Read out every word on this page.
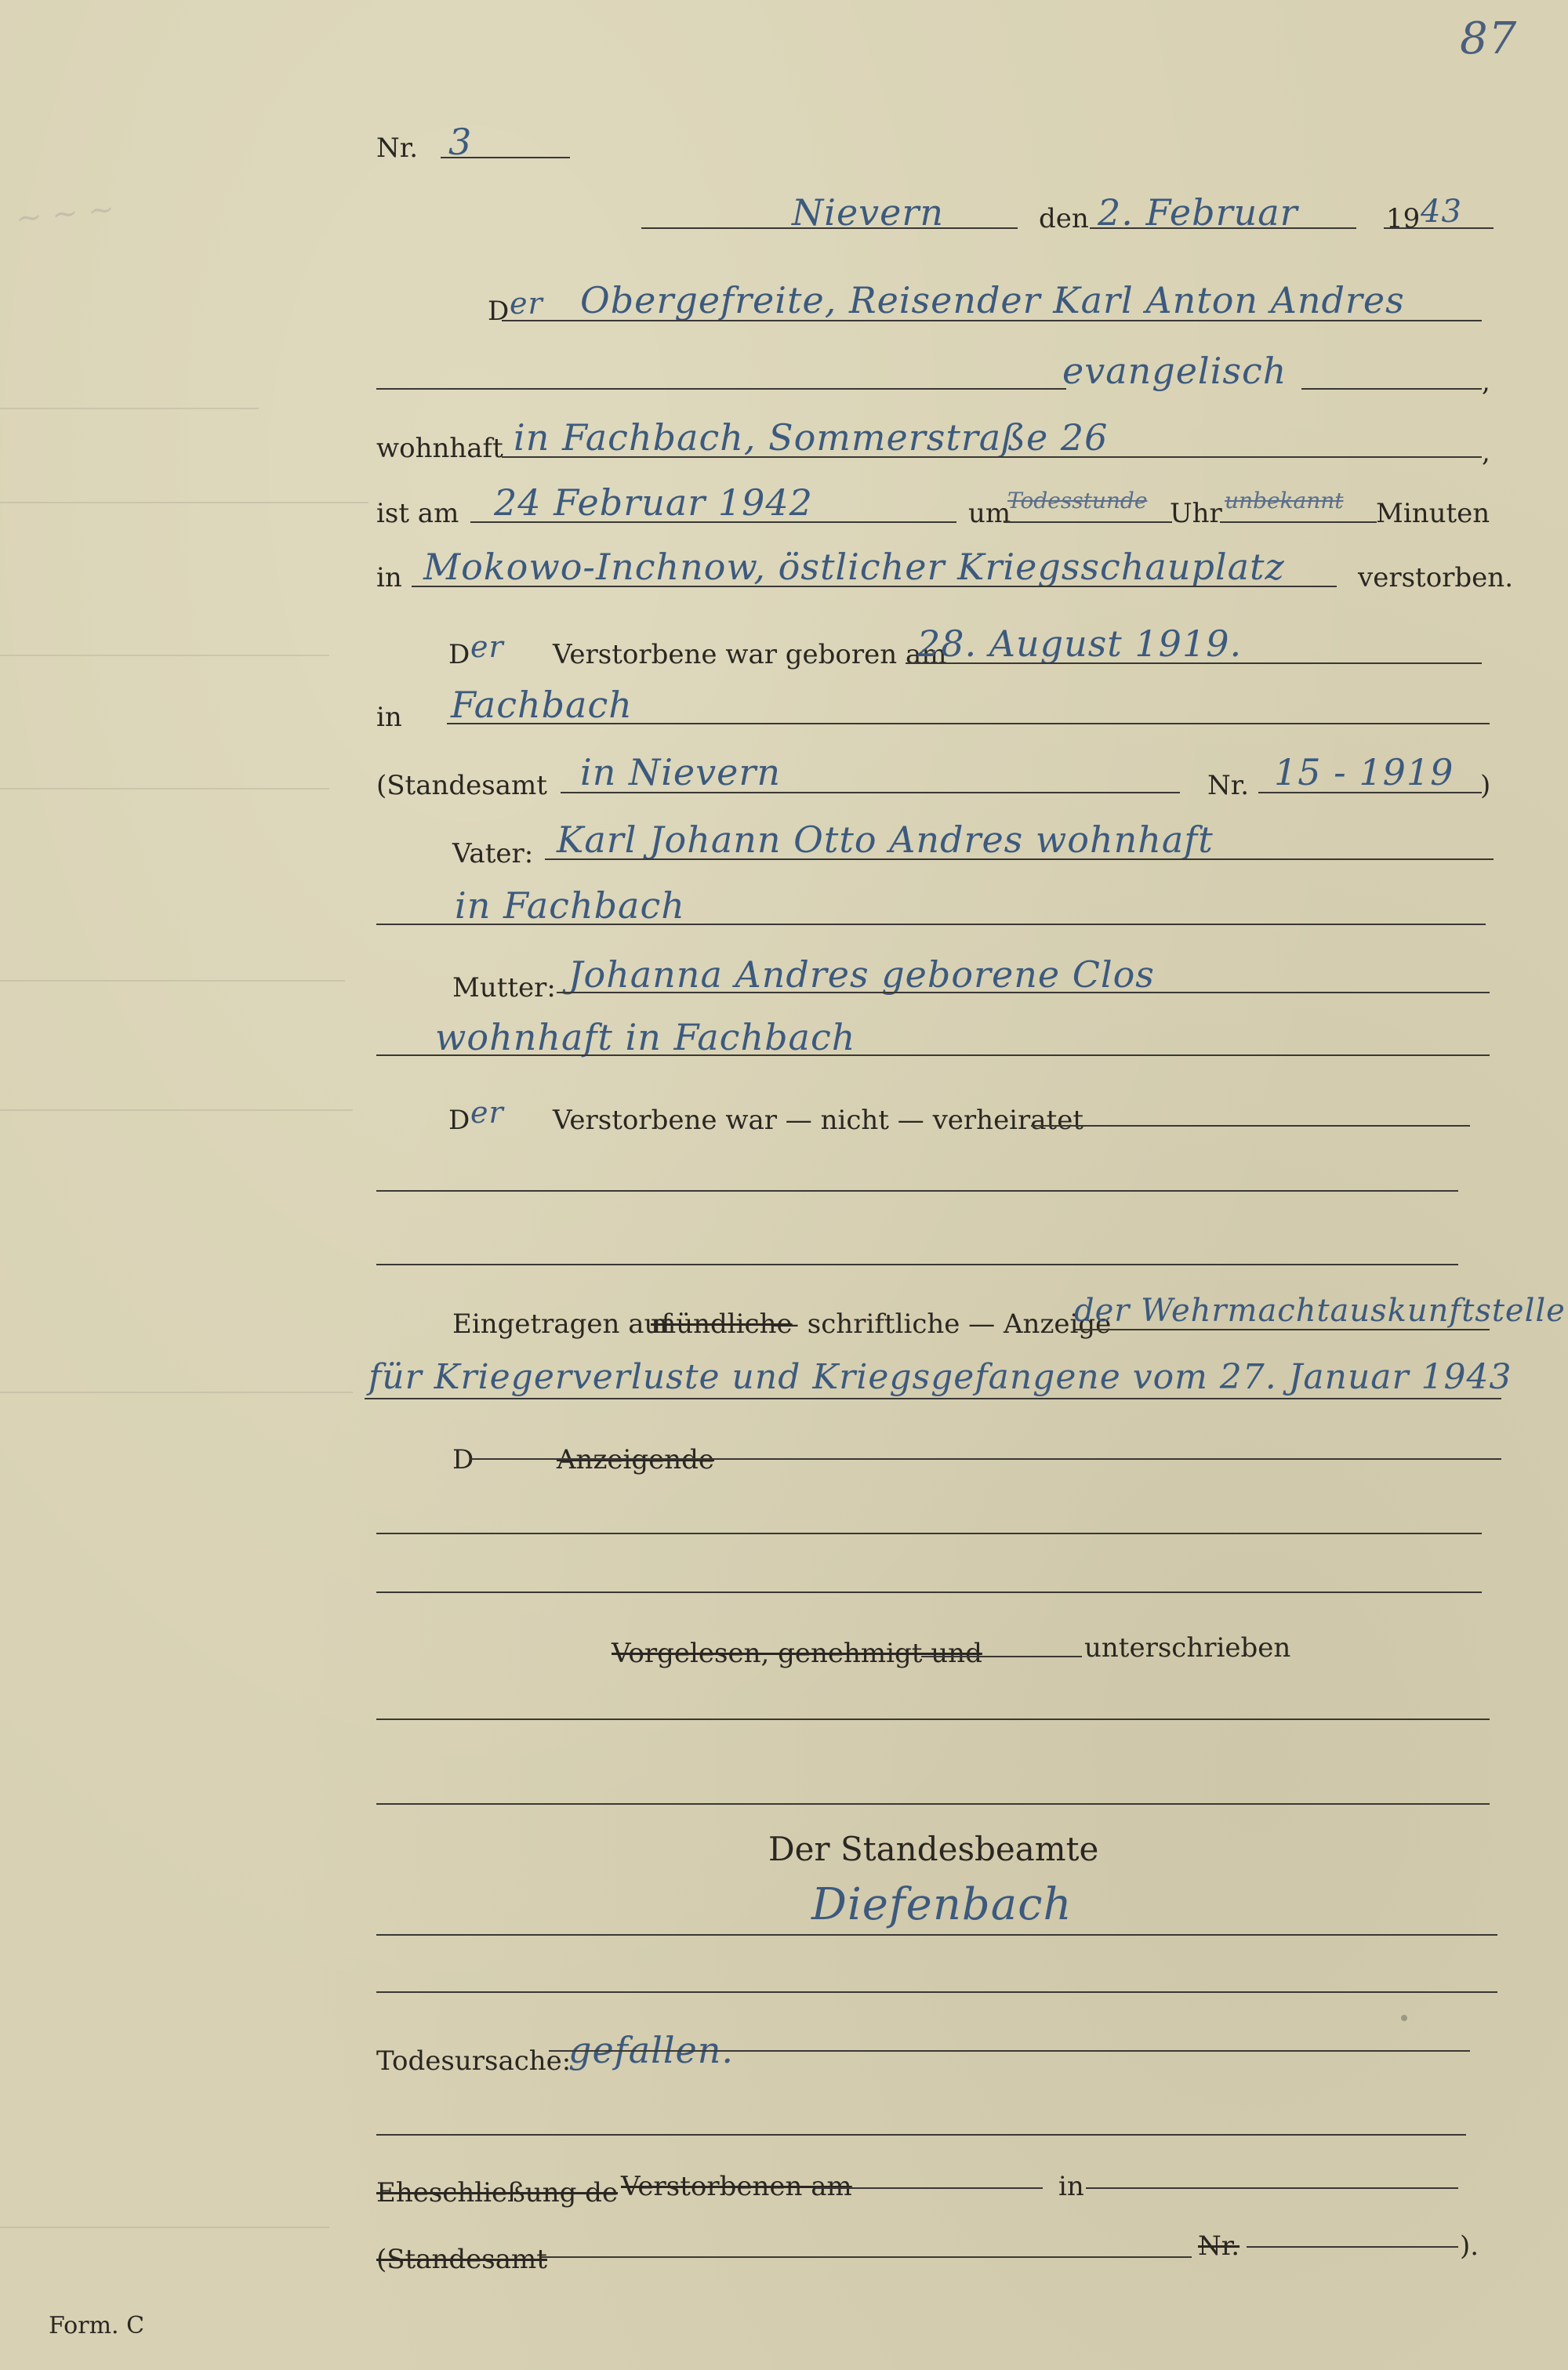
~ ~ ~
87
Nr. 3
Nievern	den 2. Februar	19 43
D er Obergefreite, Reisender Karl Anton Andres
evangelisch	,
wohnhaft in Fachbach, Sommerstraße 26	,
ist am 24 Februar 1942	um
Todesstunde Uhr unbekannt Minuten
in Mokowo-Inchnow, östlicher Kriegsschauplatz	verstorben.
D er Verstorbene war geboren am
28. August 1919.
in Fachbach
(Standesamt in Nievern	Nr. 15 - 1919 )
Vater: Karl Johann Otto Andres wohnhaft
in Fachbach
Mutter: Johanna Andres geborene Clos
wohnhaft in Fachbach
D er Verstorbene war — nicht — verheiratet
Eingetragen auf
mündliche
— schriftliche — Anzeige
der Wehrmachtauskunftstelle
für Kriegerverluste und Kriegsgefangene vom 27. Januar 1943
D	Anzeigende
Vorgelesen, genehmigt und	unterschrieben
Der Standesbeamte
Diefenbach
Todesursache:
gefallen.
Eheschließung de Verstorbenen am	in
(Standesamt	Nr.	).
Form. C
